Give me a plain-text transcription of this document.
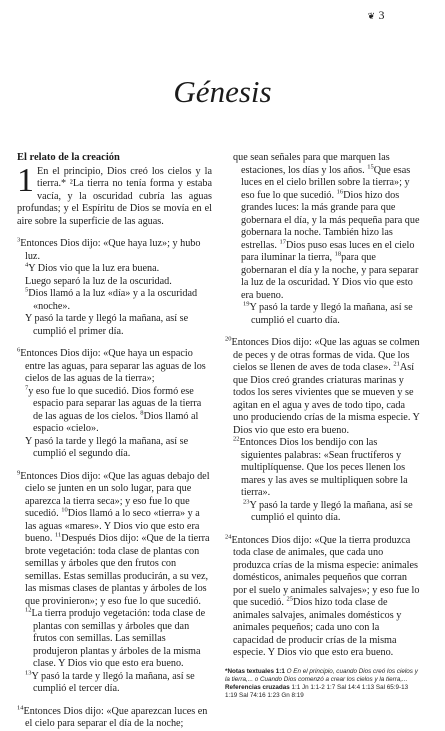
❦ 3
Génesis

El relato de la creación

1 En el principio, Dios creó los cielos y la tierra.* ²La tierra no tenía forma y estaba vacía, y la oscuridad cubría las aguas profundas; y el Espíritu de Dios se movía en el aire sobre la superficie de las aguas.

$^3$Entonces Dios dijo: «Que haya luz»; y hubo luz.
$^4$Y Dios vio que la luz era buena.
Luego separó la luz de la oscuridad.
$^5$Dios llamó a la luz «día» y a la oscuridad «noche».
Y pasó la tarde y llegó la mañana, así se cumplió el primer día.
$^6$Entonces Dios dijo: «Que haya un espacio entre las aguas, para separar las aguas de los cielos de las aguas de la tierra»;
$^7$y eso fue lo que sucedió. Dios formó ese espacio para separar las aguas de la tierra de las aguas de los cielos. $^8$Dios llamó al espacio «cielo».
Y pasó la tarde y llegó la mañana, así se cumplió el segundo día.
$^9$Entonces Dios dijo: «Que las aguas debajo del cielo se junten en un solo lugar, para que aparezca la tierra seca»; y eso fue lo que sucedió. $^{10}$Dios llamó a lo seco «tierra» y a las aguas «mares». Y Dios vio que esto era bueno. $^{11}$Después Dios dijo: «Que de la tierra brote vegetación: toda clase de plantas con semillas y árboles que den frutos con semillas. Estas semillas producirán, a su vez, las mismas clases de plantas y árboles de los que provinieron»; y eso fue lo que sucedió.
$^{12}$La tierra produjo vegetación: toda clase de plantas con semillas y árboles que dan frutos con semillas. Las semillas produjeron plantas y árboles de la misma clase. Y Dios vio que esto era bueno.
$^{13}$Y pasó la tarde y llegó la mañana, así se cumplió el tercer día.
$^{14}$Entonces Dios dijo: «Que aparezcan luces en el cielo para separar el día de la noche;
que sean señales para que marquen las estaciones, los días y los años. $^{15}$Que esas luces en el cielo brillen sobre la tierra»; y eso fue lo que sucedió. $^{16}$Dios hizo dos grandes luces: la más grande para que gobernara el día, y la más pequeña para que gobernara la noche. También hizo las estrellas. $^{17}$Dios puso esas luces en el cielo para iluminar la tierra, $^{18}$para que gobernaran el día y la noche, y para separar la luz de la oscuridad. Y Dios vio que esto era bueno.
$^{19}$Y pasó la tarde y llegó la mañana, así se cumplió el cuarto día.
$^{20}$Entonces Dios dijo: «Que las aguas se colmen de peces y de otras formas de vida. Que los cielos se llenen de aves de toda clase». $^{21}$Así que Dios creó grandes criaturas marinas y todos los seres vivientes que se mueven y se agitan en el agua y aves de todo tipo, cada uno produciendo crías de la misma especie. Y Dios vio que esto era bueno.
$^{22}$Entonces Dios los bendijo con las siguientes palabras: «Sean fructíferos y multiplíquense. Que los peces llenen los mares y las aves se multipliquen sobre la tierra».
$^{23}$Y pasó la tarde y llegó la mañana, así se cumplió el quinto día.
$^{24}$Entonces Dios dijo: «Que la tierra produzca toda clase de animales, que cada uno produzca crías de la misma especie: animales domésticos, animales pequeños que corran por el suelo y animales salvajes»; y eso fue lo que sucedió. $^{25}$Dios hizo toda clase de animales salvajes, animales domésticos y animales pequeños; cada uno con la capacidad de producir crías de la misma especie. Y Dios vio que esto era bueno.
*Notas textuales 1:1 O En el principio, cuando Dios creó los cielos y la tierra,... o Cuando Dios comenzó a crear los cielos y la tierra,...
Referencias cruzadas 1:1 Jn 1:1-2 1:7 Sal 14:4 1:13 Sal 65:9-13
1:19 Sal 74:16 1:23 Gn 8:19
